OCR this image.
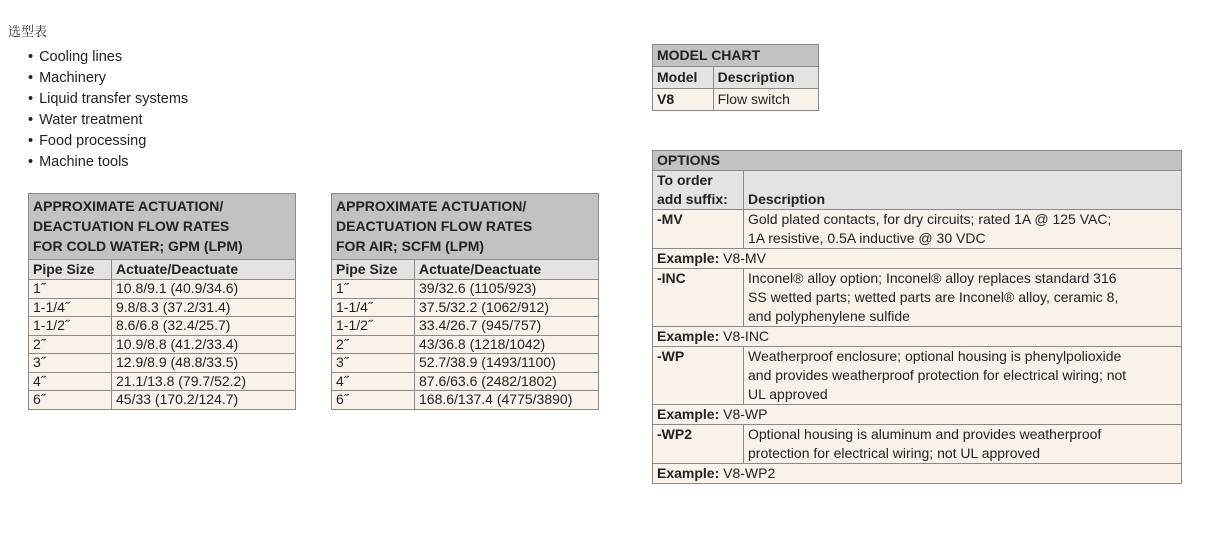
选型表
• Cooling lines
• Machinery
• Liquid transfer systems
• Water treatment
• Food processing
• Machine tools
APPROXIMATE ACTUATION/
DEACTUATION FLOW RATES
FOR COLD WATER; GPM (LPM)	

Pipe Size	Actuate/Deactuate
1˝	10.8/9.1 (40.9/34.6)
1-1/4˝	9.8/8.3 (37.2/31.4)
1-1/2˝	8.6/6.8 (32.4/25.7)
2˝	10.9/8.8 (41.2/33.4)
3˝	12.9/8.9 (48.8/33.5)
4˝	21.1/13.8 (79.7/52.2)
6˝	45/33 (170.2/124.7)
APPROXIMATE ACTUATION/
DEACTUATION FLOW RATES
FOR AIR; SCFM (LPM)	

Pipe Size	Actuate/Deactuate
1˝	39/32.6 (1105/923)
1-1/4˝	37.5/32.2 (1062/912)
1-1/2˝	33.4/26.7 (945/757)
2˝	43/36.8 (1218/1042)
3˝	52.7/38.9 (1493/1100)
4˝	87.6/63.6 (2482/1802)
6˝	168.6/137.4 (4775/3890)
MODEL CHART	
Model	Description
V8	Flow switch
OPTIONS	

To order
add suffix:	Description
-MV	Gold plated contacts, for dry circuits; rated 1A @ 125 VAC;
1A resistive, 0.5A inductive @ 30 VDC

Example: V8-MV	
-INC	Inconel® alloy option; Inconel® alloy replaces standard 316
SS wetted parts; wetted parts are Inconel® alloy, ceramic 8,
and polyphenylene sulfide

Example: V8-INC	
-WP	Weatherproof enclosure; optional housing is phenylpolioxide
and provides weatherproof protection for electrical wiring; not
UL approved

Example: V8-WP	
-WP2	Optional housing is aluminum and provides weatherproof
protection for electrical wiring; not UL approved

Example: V8-WP2	
